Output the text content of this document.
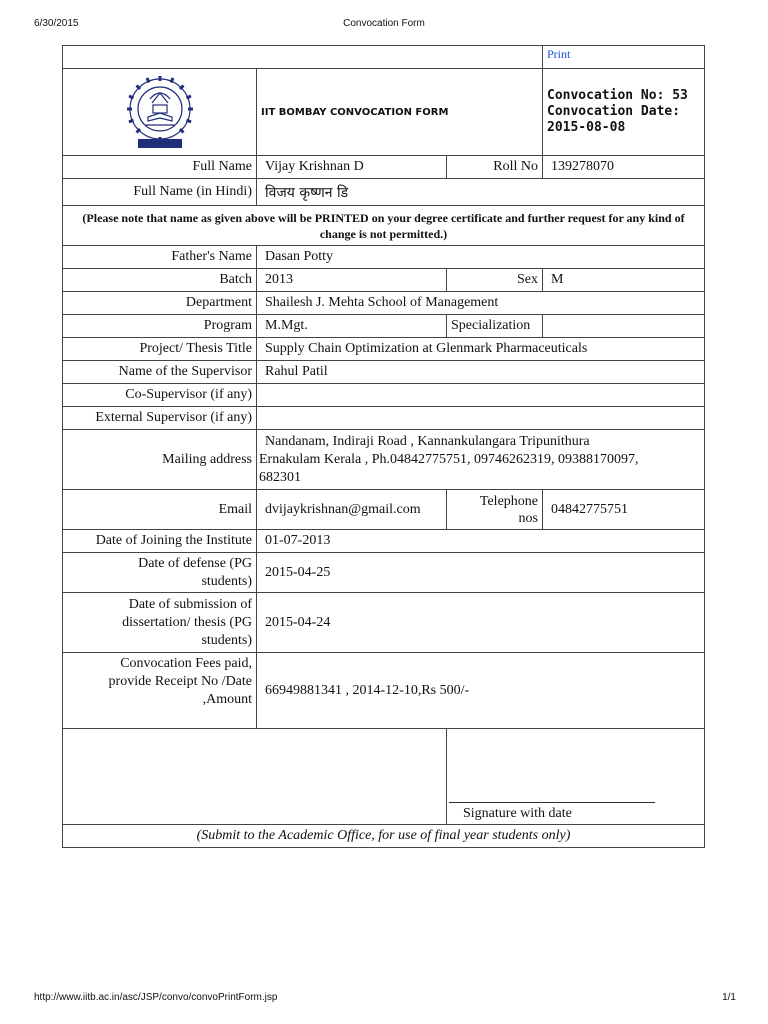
6/30/2015	Convocation Form
			Print

	IIT BOMBAY CONVOCATION FORM		Convocation No: 53
Convocation Date:
2015-08-08

Full Name	Vijay Krishnan D	Roll No	139278070
Full Name (in Hindi)	विजय कृष्णन डि		
(Please note that name as given above will be PRINTED on your degree certificate and further request for any kind of change is not permitted.)			
Father's Name	Dasan Potty		
Batch	2013	Sex	M
Department	Shailesh J. Mehta School of Management		
Program	M.Mgt.	Specialization	
Project/ Thesis Title	Supply Chain Optimization at Glenmark Pharmaceuticals		
Name of the Supervisor	Rahul Patil		
Co-Supervisor (if any)			
External Supervisor (if any)			
Mailing address	Nandanam, Indiraji Road , Kannankulangara Tripunithura
Ernakulam Kerala , Ph.04842775751, 09746262319, 09388170097,
682301		

Email	dvijaykrishnan@gmail.com	Telephone
nos	04842775751
Date of Joining the Institute	01-07-2013		

Date of defense (PG
students)	2015-04-25		

Date of submission of
dissertation/ thesis (PG
students)	2015-04-24		

Convocation Fees paid,
provide Receipt No /Date
,Amount	66949881341 , 2014-12-10,Rs 500/-		

		Signature with date	

(Submit to the Academic Office, for use of final year students only)			
http://www.iitb.ac.in/asc/JSP/convo/convoPrintForm.jsp	1/1
